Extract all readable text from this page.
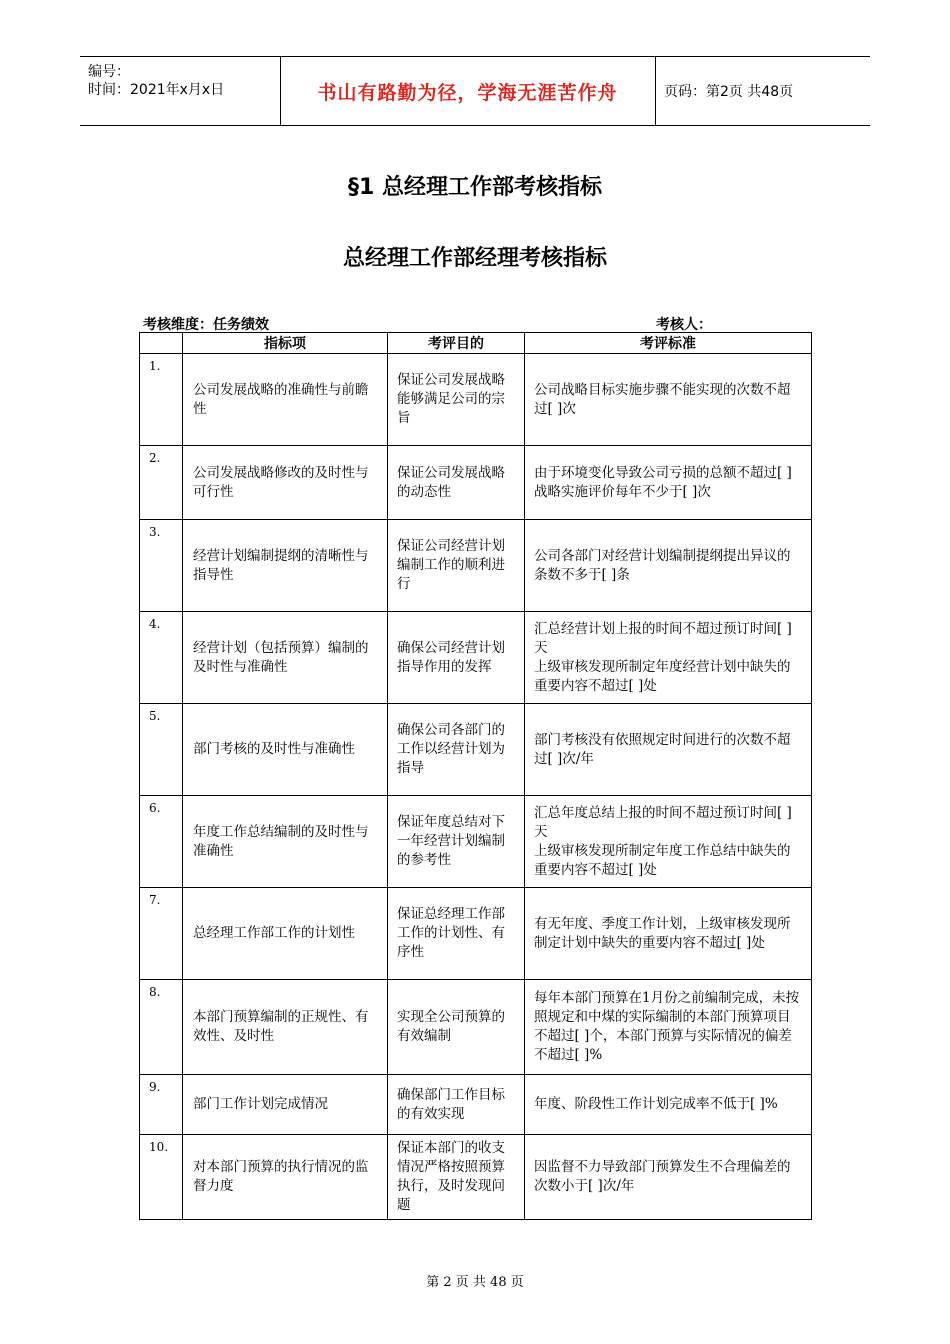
编号：
时间：2021年x月x日	书山有路勤为径，学海无涯苦作舟	页码：第2页 共48页
§1 总经理工作部考核指标
总经理工作部经理考核指标
考核维度：任务绩效	考核人：
	指标项	考评目的	考评标准
1.	公司发展战略的准确性与前瞻性	保证公司发展战略能够满足公司的宗旨	公司战略目标实施步骤不能实现的次数不超过[ ]次
2.	公司发展战略修改的及时性与可行性	保证公司发展战略的动态性	由于环境变化导致公司亏损的总额不超过[ ]
战略实施评价每年不少于[ ]次
3.	经营计划编制提纲的清晰性与指导性	保证公司经营计划编制工作的顺利进行	公司各部门对经营计划编制提纲提出异议的条数不多于[ ]条
4.	经营计划（包括预算）编制的及时性与准确性	确保公司经营计划指导作用的发挥	汇总经营计划上报的时间不超过预订时间[ ]天
上级审核发现所制定年度经营计划中缺失的重要内容不超过[ ]处
5.	部门考核的及时性与准确性	确保公司各部门的工作以经营计划为指导	部门考核没有依照规定时间进行的次数不超过[ ]次/年
6.	年度工作总结编制的及时性与准确性	保证年度总结对下一年经营计划编制的参考性	汇总年度总结上报的时间不超过预订时间[ ]天
上级审核发现所制定年度工作总结中缺失的重要内容不超过[ ]处
7.	总经理工作部工作的计划性	保证总经理工作部 工作的计划性、有序性	有无年度、季度工作计划，上级审核发现所制定计划中缺失的重要内容不超过[ ]处
8.	本部门预算编制的正规性、有效性、及时性	实现全公司预算的有效编制	每年本部门预算在1月份之前编制完成，未按照规定和中煤的实际编制的本部门预算项目不超过[ ]个，本部门预算与实际情况的偏差不超过[ ]%
9.	部门工作计划完成情况	确保部门工作目标的有效实现	年度、阶段性工作计划完成率不低于[ ]%
10.	对本部门预算的执行情况的监督力度	保证本部门的收支情况严格按照预算执行，及时发现问题	因监督不力导致部门预算发生不合理偏差的次数小于[ ]次/年
第 2 页 共 48 页
